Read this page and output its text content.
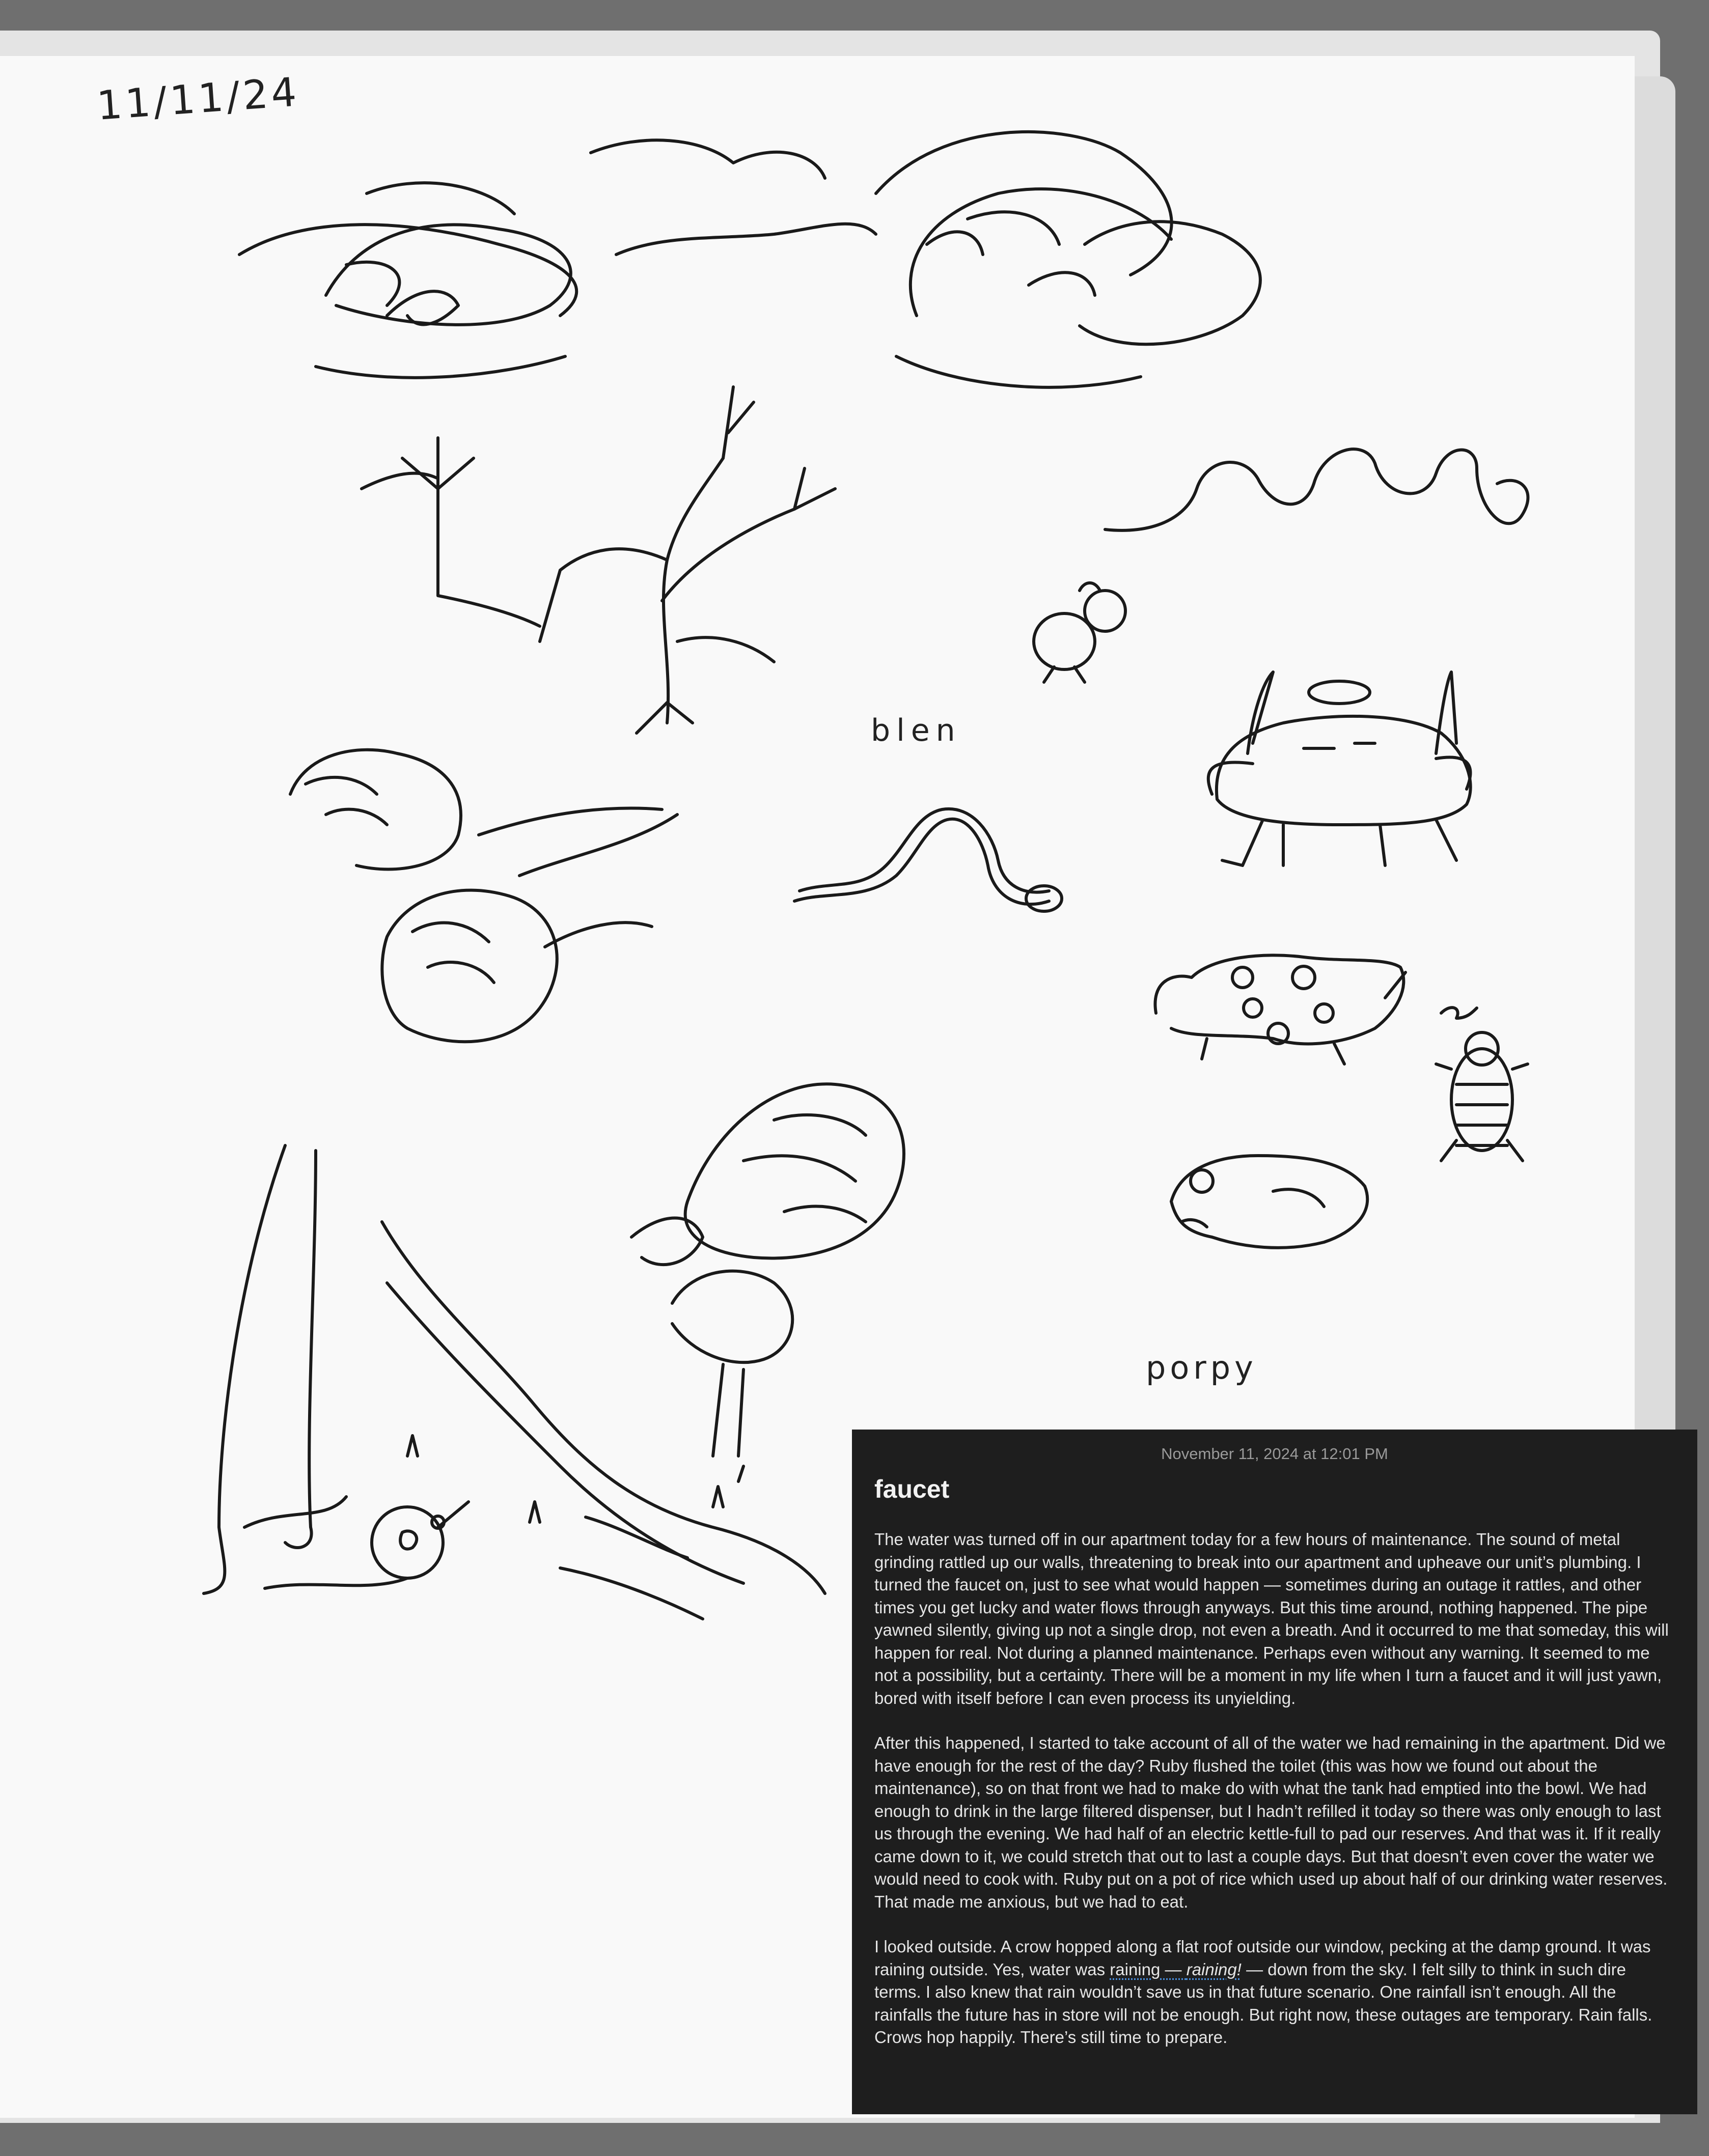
11/11/24
blen
porpy
November 11, 2024 at 12:01 PM
faucet

The water was turned off in our apartment today for a few hours of maintenance. The sound of metal grinding rattled up our walls, threatening to break into our apartment and upheave our unit’s plumbing. I turned the faucet on, just to see what would happen — sometimes during an outage it rattles, and other times you get lucky and water flows through anyways. But this time around, nothing happened. The pipe yawned silently, giving up not a single drop, not even a breath. And it occurred to me that someday, this will happen for real. Not during a planned maintenance. Perhaps even without any warning. It seemed to me not a possibility, but a certainty. There will be a moment in my life when I turn a faucet and it will just yawn, bored with itself before I can even process its unyielding.

After this happened, I started to take account of all of the water we had remaining in the apartment. Did we have enough for the rest of the day? Ruby flushed the toilet (this was how we found out about the maintenance), so on that front we had to make do with what the tank had emptied into the bowl. We had enough to drink in the large filtered dispenser, but I hadn’t refilled it today so there was only enough to last us through the evening. We had half of an electric kettle-full to pad our reserves. And that was it. If it really came down to it, we could stretch that out to last a couple days. But that doesn’t even cover the water we would need to cook with. Ruby put on a pot of rice which used up about half of our drinking water reserves. That made me anxious, but we had to eat.

I looked outside. A crow hopped along a flat roof outside our window, pecking at the damp ground. It was raining outside. Yes, water was raining — raining! — down from the sky. I felt silly to think in such dire terms. I also knew that rain wouldn’t save us in that future scenario. One rainfall isn’t enough. All the rainfalls the future has in store will not be enough. But right now, these outages are temporary. Rain falls. Crows hop happily. There’s still time to prepare.
